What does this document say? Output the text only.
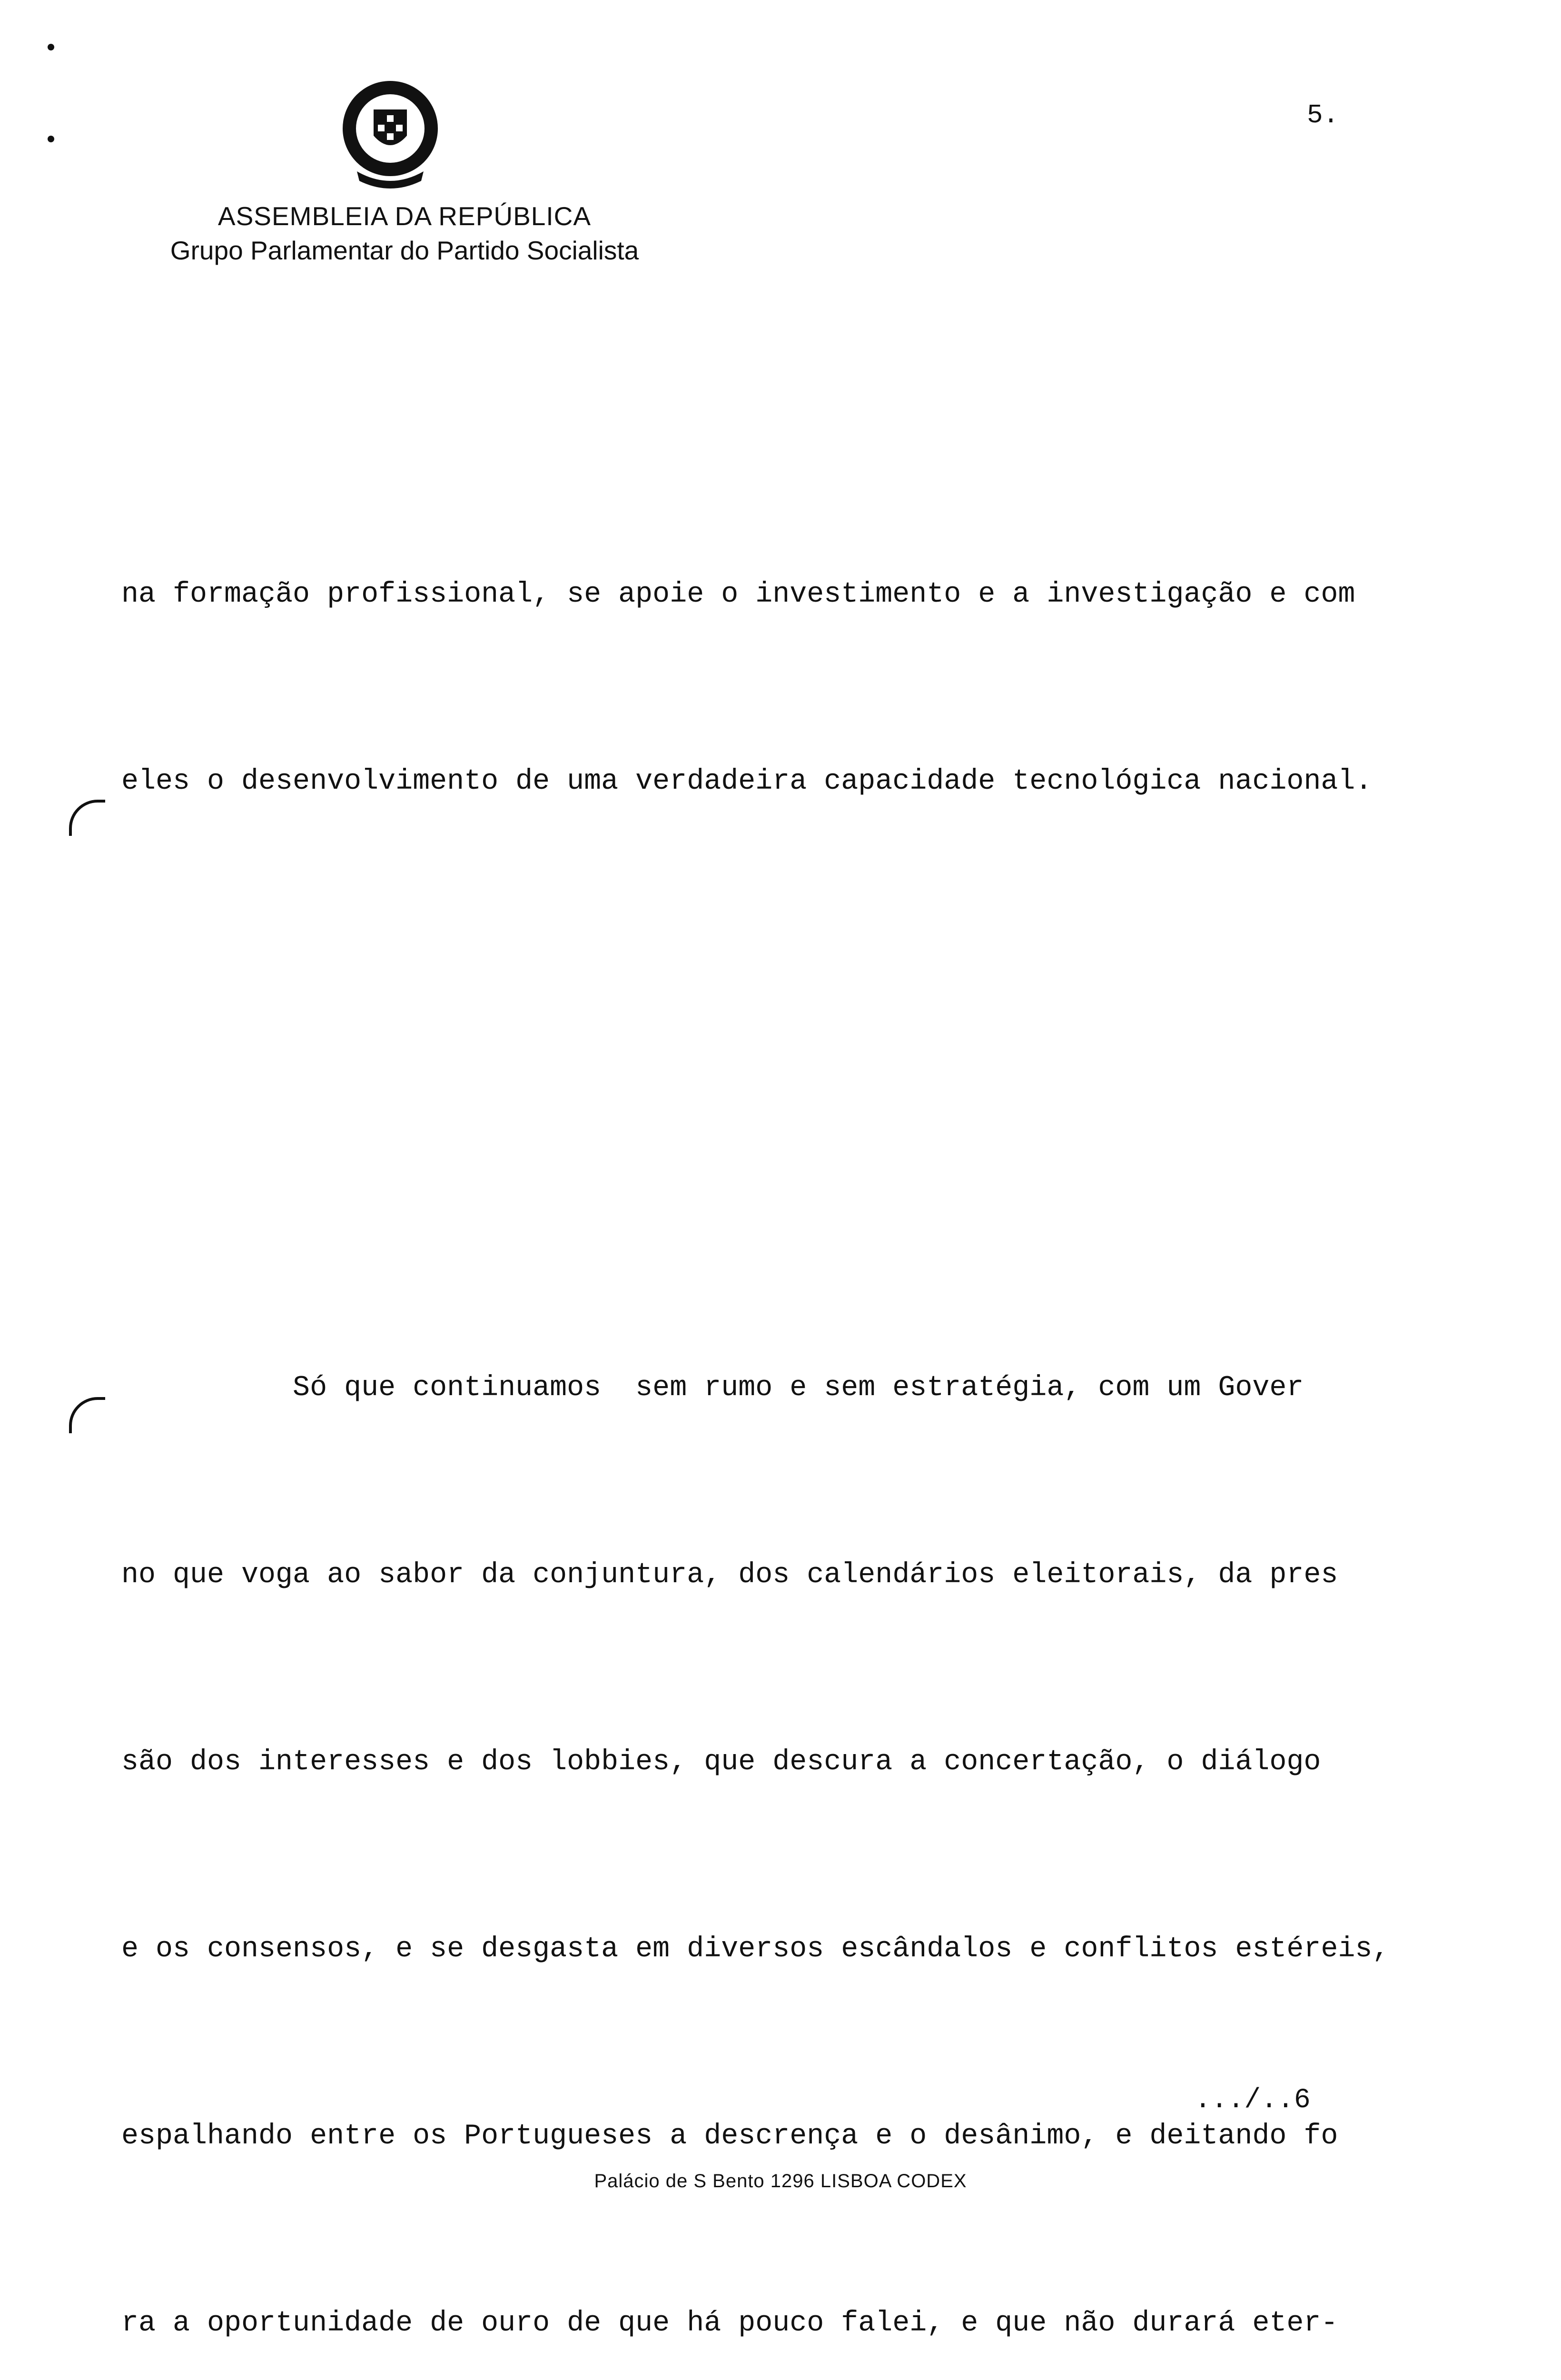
ASSEMBLEIA DA REPÚBLICA
Grupo Parlamentar do Partido Socialista
5.

na formação profissional, se apoie o investimento e a investigação e com

eles o desenvolvimento de uma verdadeira capacidade tecnológica nacional.

Só que continuamos  sem rumo e sem estratégia, com um Gover

no que voga ao sabor da conjuntura, dos calendários eleitorais, da pres

são dos interesses e dos lobbies, que descura a concertação, o diálogo

e os consensos, e se desgasta em diversos escândalos e conflitos estéreis,

espalhando entre os Portugueses a descrença e o desânimo, e deitando fo

ra a oportunidade de ouro de que há pouco falei, e que não durará eter-

.../..6
Palácio de S Bento 1296 LISBOA CODEX
